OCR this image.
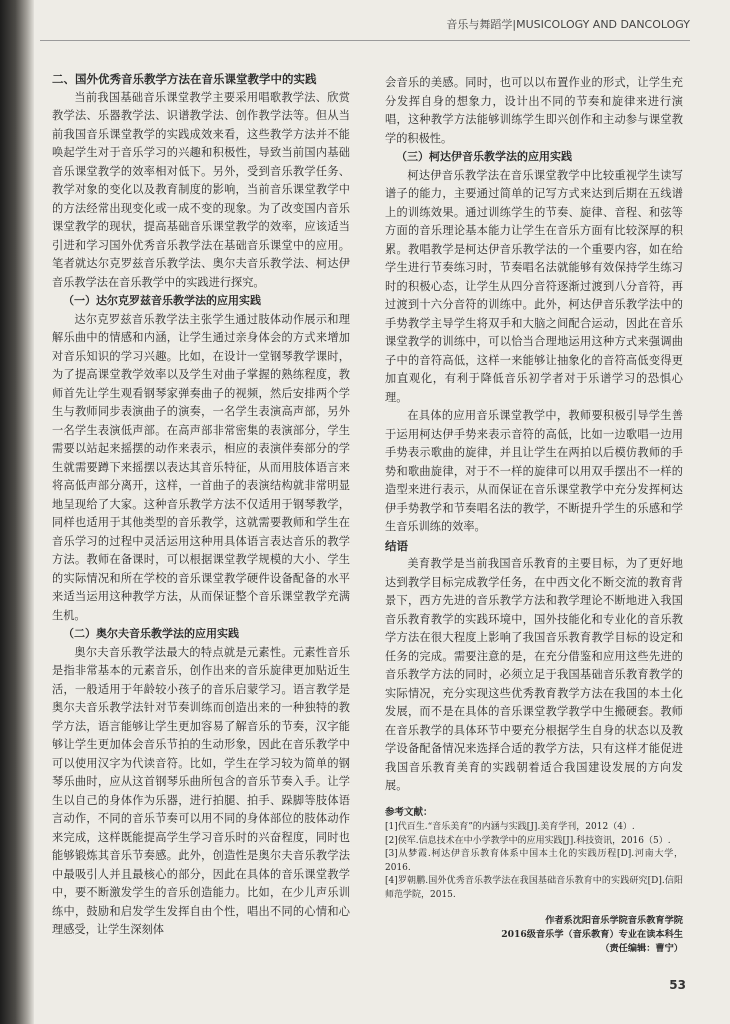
音乐与舞蹈学|MUSICOLOGY AND DANCOLOGY

二、国外优秀音乐教学方法在音乐课堂教学中的实践

当前我国基础音乐课堂教学主要采用唱歌教学法、欣赏教学法、乐器教学法、识谱教学法、创作教学法等。但从当前我国音乐课堂教学的实践成效来看，这些教学方法并不能唤起学生对于音乐学习的兴趣和积极性，导致当前国内基础音乐课堂教学的效率相对低下。另外，受到音乐教学任务、教学对象的变化以及教育制度的影响，当前音乐课堂教学中的方法经常出现变化或一成不变的现象。为了改变国内音乐课堂教学的现状，提高基础音乐课堂教学的效率，应该适当引进和学习国外优秀音乐教学法在基础音乐课堂中的应用。笔者就达尔克罗兹音乐教学法、奥尔夫音乐教学法、柯达伊音乐教学法在音乐教学中的实践进行探究。

（一）达尔克罗兹音乐教学法的应用实践

达尔克罗兹音乐教学法主张学生通过肢体动作展示和理解乐曲中的情感和内涵，让学生通过亲身体会的方式来增加对音乐知识的学习兴趣。比如，在设计一堂钢琴教学课时，为了提高课堂教学效率以及学生对曲子掌握的熟练程度，教师首先让学生观看钢琴家弹奏曲子的视频，然后安排两个学生与教师同步表演曲子的演奏，一名学生表演高声部，另外一名学生表演低声部。在高声部非常密集的表演部分，学生需要以站起来摇摆的动作来表示，相应的表演伴奏部分的学生就需要蹲下来摇摆以表达其音乐特征，从而用肢体语言来将高低声部分离开，这样，一首曲子的表演结构就非常明显地呈现给了大家。这种音乐教学方法不仅适用于钢琴教学，同样也适用于其他类型的音乐教学，这就需要教师和学生在音乐学习的过程中灵活运用这种用具体语言表达音乐的教学方法。教师在备课时，可以根据课堂教学规模的大小、学生的实际情况和所在学校的音乐课堂教学硬件设备配备的水平来适当运用这种教学方法，从而保证整个音乐课堂教学充满生机。

（二）奥尔夫音乐教学法的应用实践

奥尔夫音乐教学法最大的特点就是元素性。元素性音乐是指非常基本的元素音乐，创作出来的音乐旋律更加贴近生活，一般适用于年龄较小孩子的音乐启蒙学习。语言教学是奥尔夫音乐教学法针对节奏训练而创造出来的一种独特的教学方法，语言能够让学生更加容易了解音乐的节奏，汉字能够让学生更加体会音乐节拍的生动形象，因此在音乐教学中可以使用汉字为代读音符。比如，学生在学习较为简单的钢琴乐曲时，应从这首钢琴乐曲所包含的音乐节奏入手。让学生以自己的身体作为乐器，进行拍腿、拍手、跺脚等肢体语言动作，不同的音乐节奏可以用不同的身体部位的肢体动作来完成，这样既能提高学生学习音乐时的兴奋程度，同时也能够锻炼其音乐节奏感。此外，创造性是奥尔夫音乐教学法中最吸引人并且最核心的部分，因此在具体的音乐课堂教学中，要不断激发学生的音乐创造能力。比如，在少儿声乐训练中，鼓励和启发学生发挥自由个性，唱出不同的心情和心理感受，让学生深刻体

会音乐的美感。同时，也可以以布置作业的形式，让学生充分发挥自身的想象力，设计出不同的节奏和旋律来进行演唱，这种教学方法能够训练学生即兴创作和主动参与课堂教学的积极性。

（三）柯达伊音乐教学法的应用实践

柯达伊音乐教学法在音乐课堂教学中比较重视学生读写谱子的能力，主要通过简单的记写方式来达到后期在五线谱上的训练效果。通过训练学生的节奏、旋律、音程、和弦等方面的音乐理论基本能力让学生在音乐方面有比较深厚的积累。教唱教学是柯达伊音乐教学法的一个重要内容，如在给学生进行节奏练习时，节奏唱名法就能够有效保持学生练习时的积极心态，让学生从四分音符逐渐过渡到八分音符，再过渡到十六分音符的训练中。此外，柯达伊音乐教学法中的手势教学主导学生将双手和大脑之间配合运动，因此在音乐课堂教学的训练中，可以恰当合理地运用这种方式来强调曲子中的音符高低，这样一来能够让抽象化的音符高低变得更加直观化，有利于降低音乐初学者对于乐谱学习的恐惧心理。

在具体的应用音乐课堂教学中，教师要积极引导学生善于运用柯达伊手势来表示音符的高低，比如一边歌唱一边用手势表示歌曲的旋律，并且让学生在两拍以后模仿教师的手势和歌曲旋律，对于不一样的旋律可以用双手摆出不一样的造型来进行表示，从而保证在音乐课堂教学中充分发挥柯达伊手势教学和节奏唱名法的教学，不断提升学生的乐感和学生音乐训练的效率。

结语

美育教学是当前我国音乐教育的主要目标，为了更好地达到教学目标完成教学任务，在中西文化不断交流的教育背景下，西方先进的音乐教学方法和教学理论不断地进入我国音乐教育教学的实践环境中，国外技能化和专业化的音乐教学方法在很大程度上影响了我国音乐教育教学目标的设定和任务的完成。需要注意的是，在充分借鉴和应用这些先进的音乐教学方法的同时，必须立足于我国基础音乐教育教学的实际情况，充分实现这些优秀教育教学方法在我国的本土化发展，而不是在具体的音乐课堂教学教学中生搬硬套。教师在音乐教学的具体环节中要充分根据学生自身的状态以及教学设备配备情况来选择合适的教学方法，只有这样才能促进我国音乐教育美育的实践朝着适合我国建设发展的方向发展。

参考文献：
[1]代百生.“音乐美育”的内涵与实践[J].美育学刊，2012（4）.
[2]侯军.信息技术在中小学教学中的应用实践[J].科技资讯，2016（5）.
[3]从梦霞.柯达伊音乐教育体系中国本土化的实践历程[D].河南大学，2016.
[4]罗朝鹏.国外优秀音乐教学法在我国基础音乐教育中的实践研究[D].信阳师范学院，2015.
作者系沈阳音乐学院音乐教育学院
2016级音乐学（音乐教育）专业在读本科生
（责任编辑：曹宁）
53
